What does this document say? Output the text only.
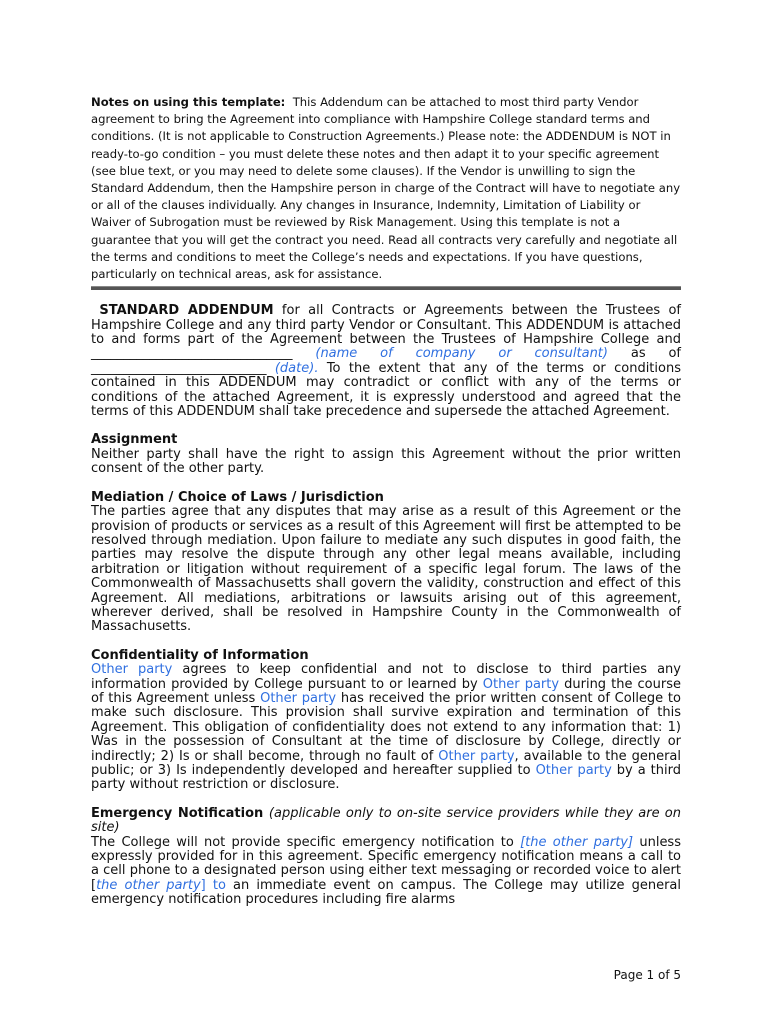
Notes on using this template: This Addendum can be attached to most third party Vendor agreement to bring the Agreement into compliance with Hampshire College standard terms and conditions. (It is not applicable to Construction Agreements.) Please note: the ADDENDUM is NOT in ready-to-go condition – you must delete these notes and then adapt it to your specific agreement (see blue text, or you may need to delete some clauses). If the Vendor is unwilling to sign the Standard Addendum, then the Hampshire person in charge of the Contract will have to negotiate any or all of the clauses individually. Any changes in Insurance, Indemnity, Limitation of Liability or Waiver of Subrogation must be reviewed by Risk Management. Using this template is not a guarantee that you will get the contract you need. Read all contracts very carefully and negotiate all the terms and conditions to meet the College’s needs and expectations. If you have questions, particularly on technical areas, ask for assistance.
STANDARD ADDENDUM for all Contracts or Agreements between the Trustees of Hampshire College and any third party Vendor or Consultant. This ADDENDUM is attached to and forms part of the Agreement between the Trustees of Hampshire College and _______________________________ (name of company or consultant) as of ___________________________ (date). To the extent that any of the terms or conditions contained in this ADDENDUM may contradict or conflict with any of the terms or conditions of the attached Agreement, it is expressly understood and agreed that the terms of this ADDENDUM shall take precedence and supersede the attached Agreement.
Assignment
Neither party shall have the right to assign this Agreement without the prior written consent of the other party.
Mediation / Choice of Laws / Jurisdiction
The parties agree that any disputes that may arise as a result of this Agreement or the provision of products or services as a result of this Agreement will first be attempted to be resolved through mediation. Upon failure to mediate any such disputes in good faith, the parties may resolve the dispute through any other legal means available, including arbitration or litigation without requirement of a specific legal forum. The laws of the Commonwealth of Massachusetts shall govern the validity, construction and effect of this Agreement. All mediations, arbitrations or lawsuits arising out of this agreement, wherever derived, shall be resolved in Hampshire County in the Commonwealth of Massachusetts.
Confidentiality of Information
Other party agrees to keep confidential and not to disclose to third parties any information provided by College pursuant to or learned by Other party during the course of this Agreement unless Other party has received the prior written consent of College to make such disclosure. This provision shall survive expiration and termination of this Agreement. This obligation of confidentiality does not extend to any information that: 1) Was in the possession of Consultant at the time of disclosure by College, directly or indirectly; 2) Is or shall become, through no fault of Other party, available to the general public; or 3) Is independently developed and hereafter supplied to Other party by a third party without restriction or disclosure.
Emergency Notification (applicable only to on-site service providers while they are on site)
The College will not provide specific emergency notification to [the other party] unless expressly provided for in this agreement. Specific emergency notification means a call to a cell phone to a designated person using either text messaging or recorded voice to alert [the other party] to an immediate event on campus. The College may utilize general emergency notification procedures including fire alarms
Page 1 of 5
